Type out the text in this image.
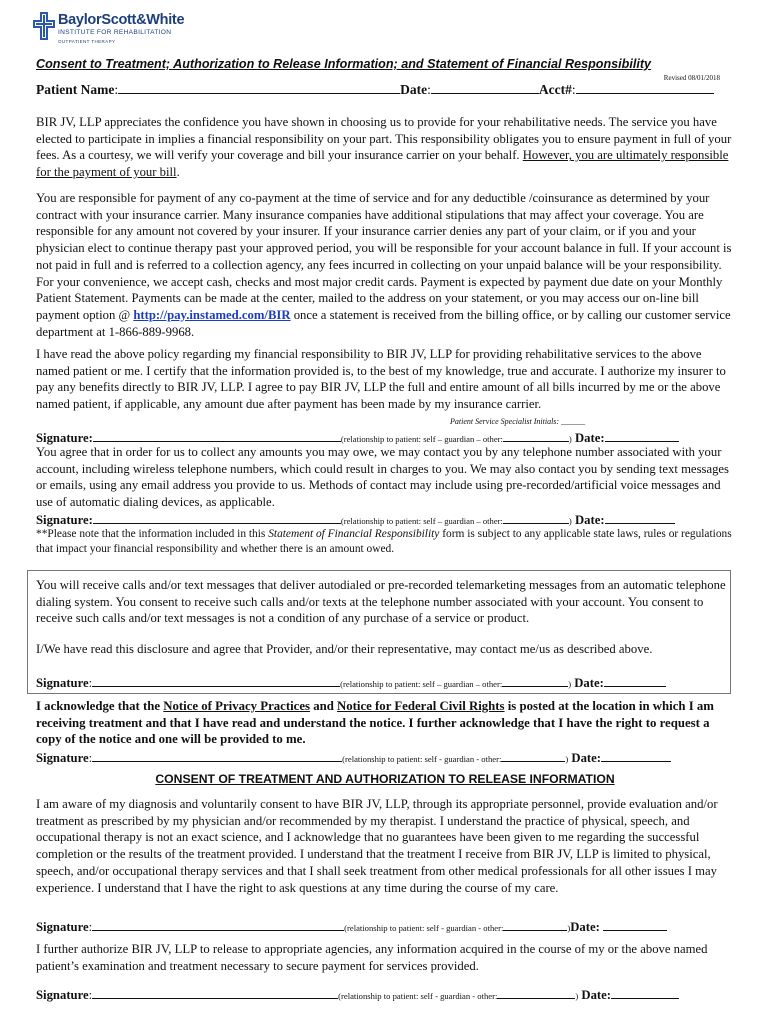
BaylorScott&White
INSTITUTE FOR REHABILITATION
OUTPATIENT THERAPY
Consent to Treatment; Authorization to Release Information; and Statement of Financial Responsibility
Revised 08/01/2018
Patient Name:	Date:	Acct#:
BIR JV, LLP appreciates the confidence you have shown in choosing us to provide for your rehabilitative needs. The service you have elected to participate in implies a financial responsibility on your part. This responsibility obligates you to ensure payment in full of your fees. As a courtesy, we will verify your coverage and bill your insurance carrier on your behalf. However, you are ultimately responsible for the payment of your bill.
You are responsible for payment of any co-payment at the time of service and for any deductible /coinsurance as determined by your contract with your insurance carrier. Many insurance companies have additional stipulations that may affect your coverage. You are responsible for any amount not covered by your insurer. If your insurance carrier denies any part of your claim, or if you and your physician elect to continue therapy past your approved period, you will be responsible for your account balance in full. If your account is not paid in full and is referred to a collection agency, any fees incurred in collecting on your unpaid balance will be your responsibility. For your convenience, we accept cash, checks and most major credit cards. Payment is expected by payment due date on your Monthly Patient Statement. Payments can be made at the center, mailed to the address on your statement, or you may access our on-line bill payment option @ http://pay.instamed.com/BIR once a statement is received from the billing office, or by calling our customer service department at 1-866-889-9968.
I have read the above policy regarding my financial responsibility to BIR JV, LLP for providing rehabilitative services to the above named patient or me. I certify that the information provided is, to the best of my knowledge, true and accurate. I authorize my insurer to pay any benefits directly to BIR JV, LLP. I agree to pay BIR JV, LLP the full and entire amount of all bills incurred by me or the above named patient, if applicable, any amount due after payment has been made by my insurance carrier.
Patient Service Specialist Initials: ______
Signature:	(relationship to patient: self – guardian – other:	) Date:
You agree that in order for us to collect any amounts you may owe, we may contact you by any telephone number associated with your account, including wireless telephone numbers, which could result in charges to you. We may also contact you by sending text messages or emails, using any email address you provide to us. Methods of contact may include using pre-recorded/artificial voice messages and use of automatic dialing devices, as applicable.
Signature:	(relationship to patient: self – guardian – other:	) Date:
**Please note that the information included in this Statement of Financial Responsibility form is subject to any applicable state laws, rules or regulations that impact your financial responsibility and whether there is an amount owed.
You will receive calls and/or text messages that deliver autodialed or pre-recorded telemarketing messages from an automatic telephone dialing system. You consent to receive such calls and/or texts at the telephone number associated with your account. You consent to receive such calls and/or text messages is not a condition of any purchase of a service or product.
I/We have read this disclosure and agree that Provider, and/or their representative, may contact me/us as described above.
Signature:	(relationship to patient: self – guardian – other:	) Date:
I acknowledge that the Notice of Privacy Practices and Notice for Federal Civil Rights is posted at the location in which I am receiving treatment and that I have read and understand the notice. I further acknowledge that I have the right to request a copy of the notice and one will be provided to me.
Signature:	(relationship to patient: self - guardian - other:	) Date:
CONSENT OF TREATMENT AND AUTHORIZATION TO RELEASE INFORMATION
I am aware of my diagnosis and voluntarily consent to have BIR JV, LLP, through its appropriate personnel, provide evaluation and/or treatment as prescribed by my physician and/or recommended by my therapist. I understand the practice of physical, speech, and occupational therapy is not an exact science, and I acknowledge that no guarantees have been given to me regarding the successful completion or the results of the treatment provided. I understand that the treatment I receive from BIR JV, LLP is limited to physical, speech, and/or occupational therapy services and that I shall seek treatment from other medical professionals for all other issues I may experience. I understand that I have the right to ask questions at any time during the course of my care.
Signature:	(relationship to patient: self - guardian - other:	)Date:
I further authorize BIR JV, LLP to release to appropriate agencies, any information acquired in the course of my or the above named patient’s examination and treatment necessary to secure payment for services provided.
Signature:	(relationship to patient: self - guardian - other:	) Date:
